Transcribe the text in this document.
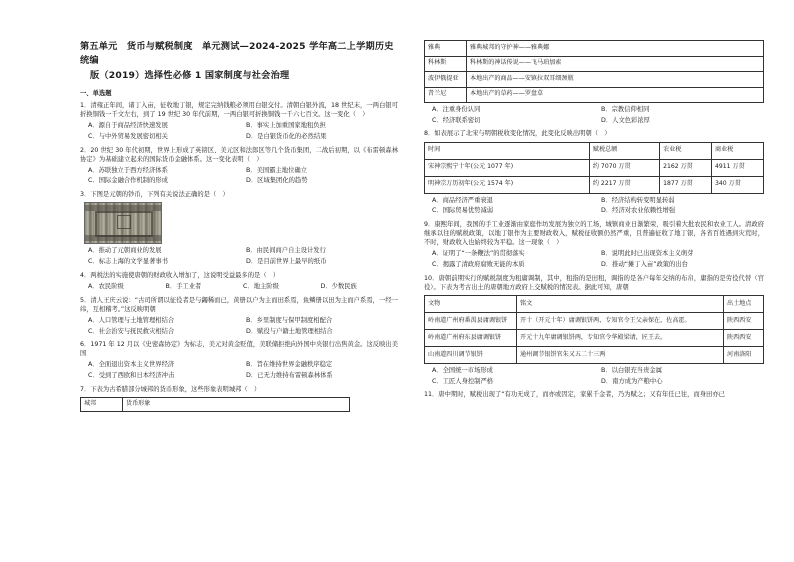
第五单元　货币与赋税制度　单元测试—2024-2025 学年高二上学期历史统编
版（2019）选择性必修 1 国家制度与社会治理
一、单选题

1．清雍正年间，诸丁入亩，征收地丁银，规定完纳钱粮必须用白银交付。清朝白银外流，18 世纪末，一两白银可折换铜钱一千文左右，到了 19 世纪 30 年代前期，一两白银可折换铜钱一千六七百文。这一变化（　）

A．源自于商品经济快速发展	B．事实上加重国家地租负担
C．与中外贸易发展密切相关	D．是白银货币化的必然结果

2．20 世纪 30 年代初期，世界上形成了英镑区、美元区和法郎区等几个货币集团，二战后初期，以《布雷顿森林协定》为基础建立起来的国际货币金融体系。这一变化表明（　）

A．苏联独立于西方经济体系	B．美国霸主地位确立
C．国际金融合作机制的形成	D．区域集团化的趋势

3．下图是元朝的钞币，下列有关说法正确的是（　）

A．推动了元朝商业的发展	B．由民间商户自主设计发行
C．标志上海的文学显著事书	D．是目前世界上最早的纸币

4．两税法的实施使唐朝的财政收入增加了，这说明受益最多的是（　）

A．农民阶级	B．手工业者	C．地主阶级	D．少数民族

5．清人王庆云说：“古司所谓以征役者是与蠲稀而已，黄册以户为主而田系焉，鱼鳞册以田为主而户系焉，一经一纬，互相稽考。”这反映明朝

A．人口管理与土地管理相结合	B．乡里制度与保甲制度相配合
C．社会治安与抚民救灾相结合	D．赋役与户籍土地管理相结合

6．1971 年 12 月以《史密森协定》为标志，美元对黄金贬值，美联储拒绝向外国中央银行出售黄金。这反映出美国

A．全面退出资本主义世界经济	B．旨在维持世界金融秩序稳定
C．受到了西欧和日本经济冲击	D．已无力维持布雷顿森林体系

7．下表为古希腊部分城邦的货币形象，这些形象表明城邦（　）

城邦	货币形象
雅典	雅典城邦的守护神——雅典娜
科林斯	科林斯的神话传说——飞马珀加索
波伊俄提亚	本地出产的商品——安镇拉双耳细颈瓶
昔兰尼	本地出产的草药——罗盘草
A．注重身份认同	B．宗教信仰相同
C．经济联系密切	D．人文色彩浓厚

8．如表展示了北宋与明朝税收变化情况，此变化反映出明朝（　）

时间	赋税总额	农业税	商业税
宋神宗熙宁十年(公元 1077 年)	约 7070 万贯	2162 万贯	4911 万贯
明神宗万历初年(公元 1574 年)	约 2217 万贯	1877 万贯	340 万贯
A．商品经济严重衰退	B．经济结构转变明显转弱
C．国际贸易优势减弱	D．经济对农业依赖性增强

9．康熙年间，我国的手工业逐渐由家庭作坊发展为独立的工场，城镇商业日渐繁荣，吸引着大批农民和农业工人。清政府继承以往的赋税政策，以地丁银作为主要财政收入，赋税征收额仍然严重，且普遍征收了地丁银，各省百姓遇到灾荒时，不时，财政收入也始终较为平稳。这一现象（　）

A．证明了“一条鞭法”的贯彻落实	B．说明此时已出现资本主义萌芽
C．揭露了清政府腐败无能的本质	D．推动“摊丁入亩”政策的出台

10．唐朝前期实行的赋税制度为租庸调制，其中，租指的是田租，调指的是各户每年交纳的布帛，庸指的是劳役代替（官役）。下表为考古出土的唐朝地方政府上交赋税的情况表。据此可知，唐朝

文物	铭文	出土地点
岭南道广州府番禺县庸调银饼	开十（开元十年）庸调银饼两，专知官令王父亲保在，佐高霍。	陕西西安
岭南道广州府东县庸调银饼	开元十九年庸调银饼两，专知官令华殿梁请，匠王去。	陕西西安
山南道四川调节银饼	通州调节银饼官朱又五二十三两	河南洛阳
A．全国统一市场形成	B．以白银充当贵金属
C．工匠人身控制严格	D．南方成为产粮中心

11．唐中期时，赋税出现了“有功无成了，而亦或因定，家累千金者，乃为赋之；又有年任已往，而身田亦已
